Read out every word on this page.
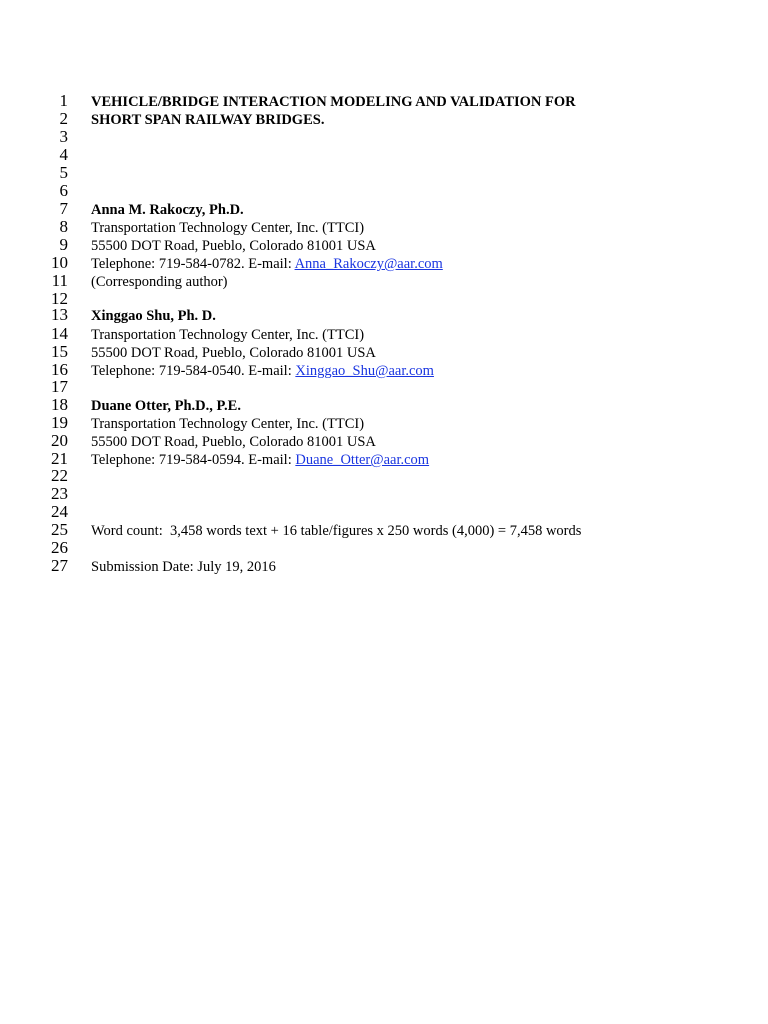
1 VEHICLE/BRIDGE INTERACTION MODELING AND VALIDATION FOR
2 SHORT SPAN RAILWAY BRIDGES.
3
4
5
6
7 Anna M. Rakoczy, Ph.D.
8 Transportation Technology Center, Inc. (TTCI)
9 55500 DOT Road, Pueblo, Colorado 81001 USA
10 Telephone: 719-584-0782. E-mail: Anna_Rakoczy@aar.com
11 (Corresponding author)
12
13 Xinggao Shu, Ph. D.
14 Transportation Technology Center, Inc. (TTCI)
15 55500 DOT Road, Pueblo, Colorado 81001 USA
16 Telephone: 719-584-0540. E-mail: Xinggao_Shu@aar.com
17
18 Duane Otter, Ph.D., P.E.
19 Transportation Technology Center, Inc. (TTCI)
20 55500 DOT Road, Pueblo, Colorado 81001 USA
21 Telephone: 719-584-0594. E-mail: Duane_Otter@aar.com
22
23
24
25 Word count:  3,458 words text + 16 table/figures x 250 words (4,000) = 7,458 words
26
27 Submission Date: July 19, 2016
